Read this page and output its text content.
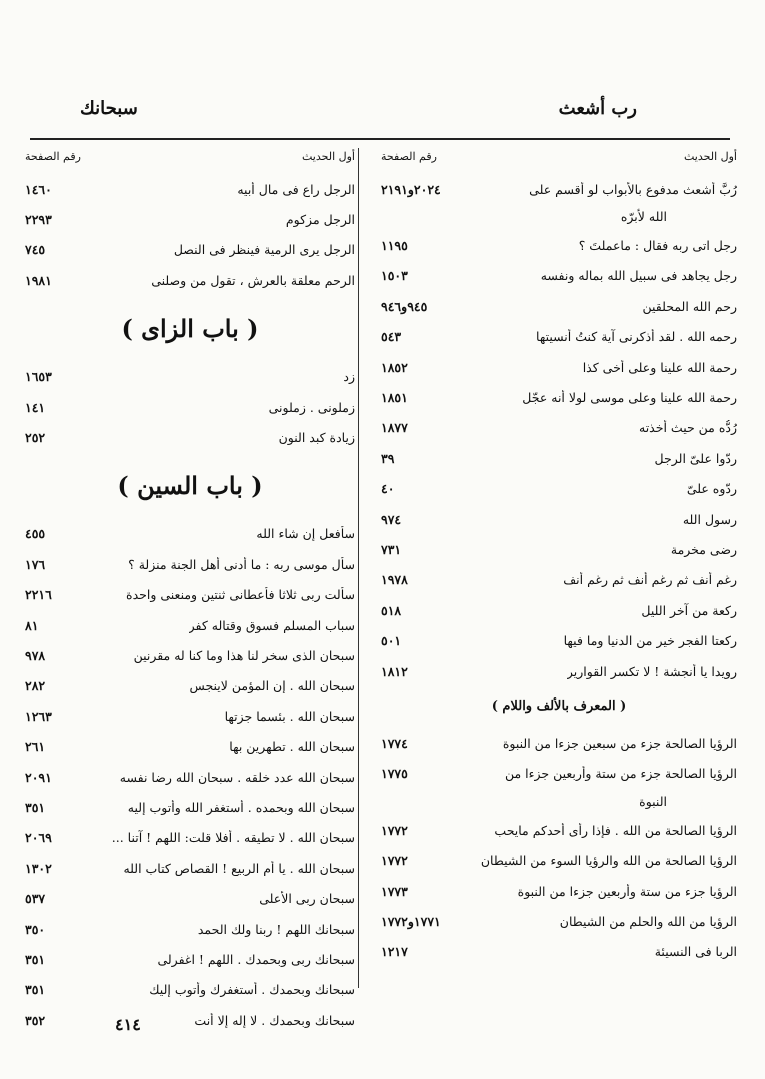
رب أشعث
سبحانك
أول الحديث
رقم الصفحة
رُبَّ أشعث مدفوع بالأبواب لو أقسم على
٢٠٢٤و٢١٩١
الله لأبرّه
رجل اتى ربه فقال : ماعملتَ ؟
١١٩٥
رجل يجاهد فى سبيل الله بماله ونفسه
١٥٠٣
رحم الله المحلقين
٩٤٥و٩٤٦
رحمه الله . لقد أذكرنى آية كنتُ أنسيتها
٥٤٣
رحمة الله علينا وعلى أخى كذا
١٨٥٢
رحمة الله علينا وعلى موسى لولا أنه عجّل
١٨٥١
رُدُّه من حيث أخذته
١٨٧٧
ردّوا علىّ الرجل
٣٩
ردّوه علىّ
٤٠
رسول الله
٩٧٤
رضى مخرمة
٧٣١
رغم أنف ثم رغم أنف ثم رغم أنف
١٩٧٨
ركعة من آخر الليل
٥١٨
ركعتا الفجر خير من الدنيا وما فيها
٥٠١
رويدا يا أنجشة ! لا تكسر القوارير
١٨١٢
( المعرف بالألف واللام )
الرؤيا الصالحة جزء من سبعين جزءا من النبوة
١٧٧٤
الرؤيا الصالحة جزء من ستة وأربعين جزءا من
١٧٧٥
النبوة
الرؤيا الصالحة من الله . فإذا رأى أحدكم مايحب
١٧٧٢
الرؤيا الصالحة من الله والرؤيا السوء من الشيطان
١٧٧٢
الرؤيا جزء من ستة وأربعين جزءا من النبوة
١٧٧٣
الرؤيا من الله والحلم من الشيطان
١٧٧١و١٧٧٢
الربا فى النسيئة
١٢١٧
أول الحديث
رقم الصفحة
الرجل راع فى مال أبيه
١٤٦٠
الرجل مزكوم
٢٢٩٣
الرجل يرى الرمية فينظر فى النصل
٧٤٥
الرحم معلقة بالعرش ، تقول من وصلنى
١٩٨١
( باب الزاى )
زد
١٦٥٣
زملونى . زملونى
١٤١
زيادة كبد النون
٢٥٢
( باب السين )
سأفعل إن شاء الله
٤٥٥
سأل موسى ربه : ما أدنى أهل الجنة منزلة ؟
١٧٦
سألت ربى ثلاثا فأعطانى ثنتين ومنعنى واحدة
٢٢١٦
سباب المسلم فسوق وقتاله كفر
٨١
سبحان الذى سخر لنا هذا وما كنا له مقرنين
٩٧٨
سبحان الله . إن المؤمن لاينجس
٢٨٢
سبحان الله . بئسما جزتها
١٢٦٣
سبحان الله . تطهرين بها
٢٦١
سبحان الله عدد خلقه . سبحان الله رضا نفسه
٢٠٩١
سبحان الله وبحمده . أستغفر الله وأتوب إليه
٣٥١
سبحان الله . لا تطيقه . أفلا قلت: اللهم ! آتنا ...
٢٠٦٩
سبحان الله . يا أم الربيع ! القصاص كتاب الله
١٣٠٢
سبحان ربى الأعلى
٥٣٧
سبحانك اللهم ! ربنا ولك الحمد
٣٥٠
سبحانك ربى وبحمدك . اللهم ! اغفرلى
٣٥١
سبحانك وبحمدك . أستغفرك وأتوب إليك
٣٥١
سبحانك وبحمدك . لا إله إلا أنت
٣٥٢	٤١٤
